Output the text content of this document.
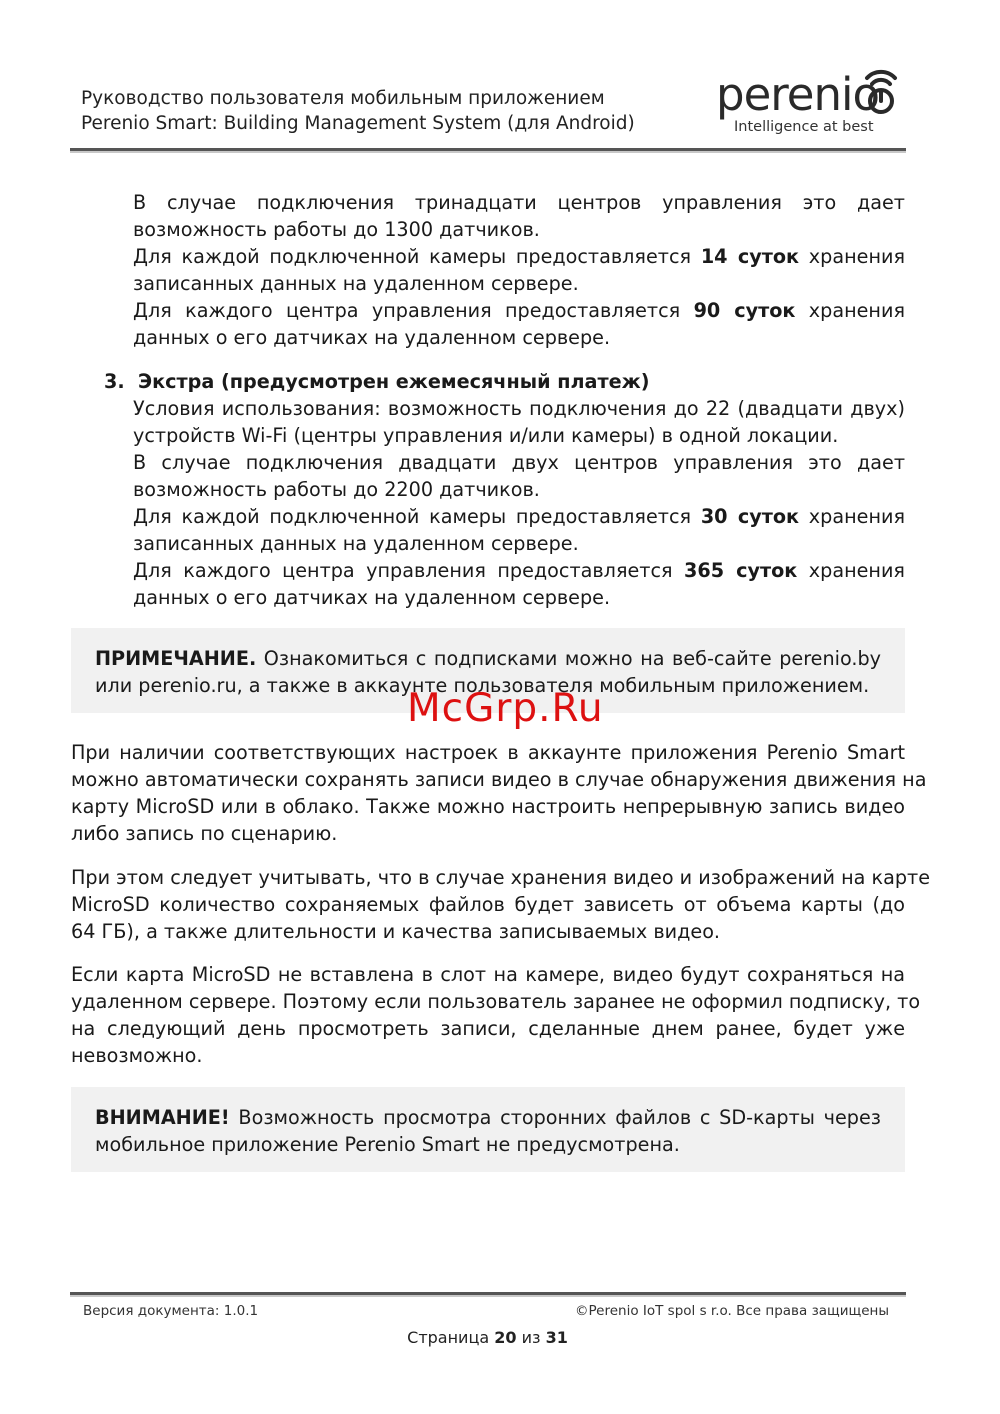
Руководство пользователя мобильным приложением
Perenio Smart: Building Management System (для Android)
perenio
Intelligence at best
В случае подключения тринадцати центров управления это дает
возможность работы до 1300 датчиков.
Для каждой подключенной камеры предоставляется 14 суток хранения
записанных данных на удаленном сервере.
Для каждого центра управления предоставляется 90 суток хранения
данных о его датчиках на удаленном сервере.
3.  Экстра (предусмотрен ежемесячный платеж)
Условия использования: возможность подключения до 22 (двадцати двух)
устройств Wi-Fi (центры управления и/или камеры) в одной локации.
В случае подключения двадцати двух центров управления это дает
возможность работы до 2200 датчиков.
Для каждой подключенной камеры предоставляется 30 суток хранения
записанных данных на удаленном сервере.
Для каждого центра управления предоставляется 365 суток хранения
данных о его датчиках на удаленном сервере.
ПРИМЕЧАНИЕ. Ознакомиться с подписками можно на веб-сайте perenio.by
или perenio.ru, а также в аккаунте пользователя мобильным приложением.
McGrp.Ru
При наличии соответствующих настроек в аккаунте приложения Perenio Smart
можно автоматически сохранять записи видео в случае обнаружения движения на
карту MicroSD или в облако. Также можно настроить непрерывную запись видео
либо запись по сценарию.
При этом следует учитывать, что в случае хранения видео и изображений на карте
MicroSD количество сохраняемых файлов будет зависеть от объема карты (до
64 ГБ), а также длительности и качества записываемых видео.
Если карта MicroSD не вставлена в слот на камере, видео будут сохраняться на
удаленном сервере. Поэтому если пользователь заранее не оформил подписку, то
на следующий день просмотреть записи, сделанные днем ранее, будет уже
невозможно.
ВНИМАНИЕ! Возможность просмотра сторонних файлов с SD-карты через
мобильное приложение Perenio Smart не предусмотрена.
Версия документа: 1.0.1	©Perenio IoT spol s r.o. Все права защищены
Страница 20 из 31
